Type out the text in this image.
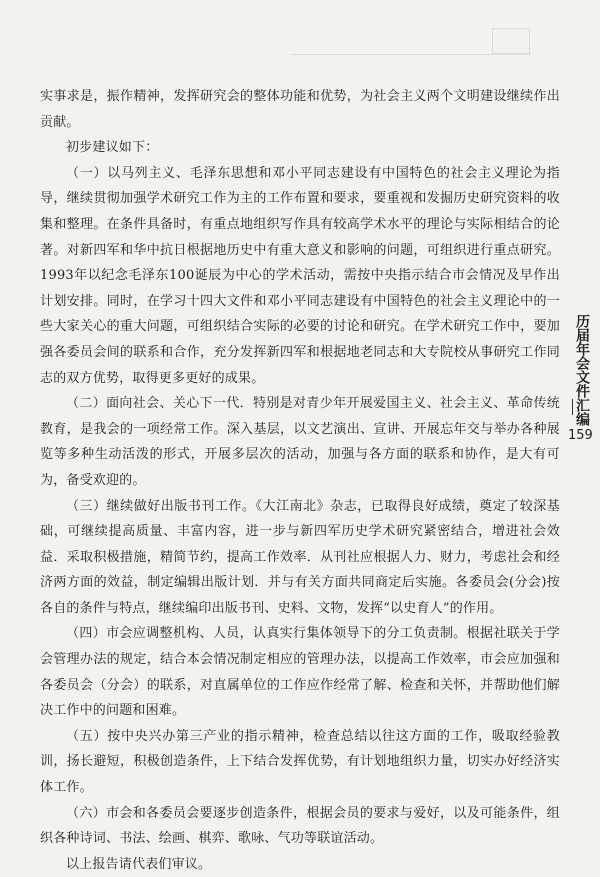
实事求是，振作精神，发挥研究会的整体功能和优势，为社会主义两个文明建设继续作出贡献。

初步建议如下：

（一）以马列主义、毛泽东思想和邓小平同志建设有中国特色的社会主义理论为指导，继续贯彻加强学术研究工作为主的工作布置和要求，要重视和发掘历史研究资料的收集和整理。在条件具备时，有重点地组织写作具有较高学术水平的理论与实际相结合的论著。对新四军和华中抗日根据地历史中有重大意义和影响的问题，可组织进行重点研究。1993年以纪念毛泽东100诞辰为中心的学术活动，需按中央指示结合市会情况及早作出计划安排。同时，在学习十四大文件和邓小平同志建设有中国特色的社会主义理论中的一些大家关心的重大问题，可组织结合实际的必要的讨论和研究。在学术研究工作中，要加强各委员会间的联系和合作，充分发挥新四军和根据地老同志和大专院校从事研究工作同志的双方优势，取得更多更好的成果。

（二）面向社会、关心下一代．特别是对青少年开展爱国主义、社会主义、革命传统教育，是我会的一项经常工作。深入基层，以文艺演出、宣讲、开展忘年交与举办各种展览等多种生动活泼的形式，开展多层次的活动，加强与各方面的联系和协作，是大有可为，备受欢迎的。

（三）继续做好出版书刊工作。《大江南北》杂志，已取得良好成绩，奠定了较深基础，可继续提高质量、丰富内容，进一步与新四军历史学术研究紧密结合，增进社会效益．采取积极措施，精简节约，提高工作效率．从刊社应根据人力、财力，考虑社会和经济两方面的效益，制定编辑出版计划．并与有关方面共同商定后实施。各委员会(分会)按各自的条件与特点，继续编印出版书刊、史料、文物，发挥“以史育人”的作用。

（四）市会应调整机构、人员，认真实行集体领导下的分工负责制。根据社联关于学会管理办法的规定，结合本会情况制定相应的管理办法，以提高工作效率，市会应加强和各委员会（分会）的联系，对直属单位的工作应作经常了解、检查和关怀，并帮助他们解决工作中的问题和困难。

（五）按中央兴办第三产业的指示精神，检查总结以往这方面的工作，吸取经验教训，扬长避短，积极创造条件，上下结合发挥优势，有计划地组织力量，切实办好经济实体工作。

（六）市会和各委员会要逐步创造条件，根据会员的要求与爱好，以及可能条件，组织各种诗词、书法、绘画、棋弈、歌咏、气功等联谊活动。

以上报告请代表们审议。

历届年会文件汇编
159
